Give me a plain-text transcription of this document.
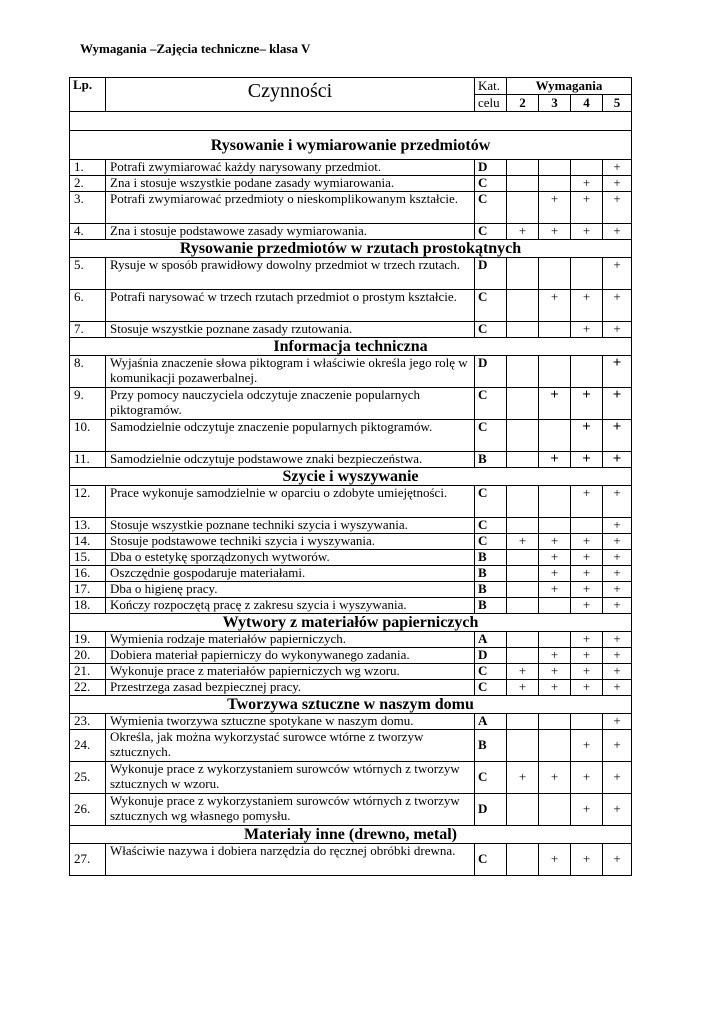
Wymagania –Zajęcia techniczne– klasa V

Lp.	Czynności	Kat.	Wymagania			
		celu	2	3	4	5

Rysowanie i wymiarowanie przedmiotów						
1.	Potrafi zwymiarować każdy narysowany przedmiot.	D				+
2.	Zna i stosuje wszystkie podane zasady wymiarowania.	C			+	+
3.	Potrafi zwymiarować przedmioty o nieskomplikowanym kształcie.	C		+	+	+
4.	Zna i stosuje podstawowe zasady wymiarowania.	C	+	+	+	+
Rysowanie przedmiotów w rzutach prostokątnych						
5.	Rysuje w sposób prawidłowy dowolny przedmiot w trzech rzutach.	D				+
6.	Potrafi narysować w trzech rzutach przedmiot o prostym kształcie.	C		+	+	+
7.	Stosuje wszystkie poznane zasady rzutowania.	C			+	+
Informacja techniczna						
8.	Wyjaśnia znaczenie słowa piktogram i właściwie określa jego rolę w komunikacji pozawerbalnej.	D				+
9.	Przy pomocy nauczyciela odczytuje znaczenie popularnych piktogramów.	C		+	+	+
10.	Samodzielnie odczytuje znaczenie popularnych piktogramów.	C			+	+
11.	Samodzielnie odczytuje podstawowe znaki bezpieczeństwa.	B		+	+	+
Szycie i wyszywanie						
12.	Prace wykonuje samodzielnie w oparciu o zdobyte umiejętności.	C			+	+
13.	Stosuje wszystkie poznane techniki szycia i wyszywania.	C				+
14.	Stosuje podstawowe techniki szycia i wyszywania.	C	+	+	+	+
15.	Dba o estetykę sporządzonych wytworów.	B		+	+	+
16.	Oszczędnie gospodaruje materiałami.	B		+	+	+
17.	Dba o higienę pracy.	B		+	+	+
18.	Kończy rozpoczętą pracę z zakresu szycia i wyszywania.	B			+	+
Wytwory z materiałów papierniczych						
19.	Wymienia rodzaje materiałów papierniczych.	A			+	+
20.	Dobiera materiał papierniczy do wykonywanego zadania.	D		+	+	+
21.	Wykonuje prace z materiałów papierniczych wg wzoru.	C	+	+	+	+
22.	Przestrzega zasad bezpiecznej pracy.	C	+	+	+	+
Tworzywa sztuczne w naszym domu						
23.	Wymienia tworzywa sztuczne spotykane w naszym domu.	A				+
24.	Określa, jak można wykorzystać surowce wtórne z tworzyw sztucznych.	B			+	+
25.	Wykonuje prace z wykorzystaniem surowców wtórnych z tworzyw sztucznych w wzoru.	C	+	+	+	+
26.	Wykonuje prace z wykorzystaniem surowców wtórnych z tworzyw sztucznych wg własnego pomysłu.	D			+	+
Materiały inne (drewno, metal)						
27.	Właściwie nazywa i dobiera narzędzia do ręcznej obróbki drewna.	C		+	+	+
